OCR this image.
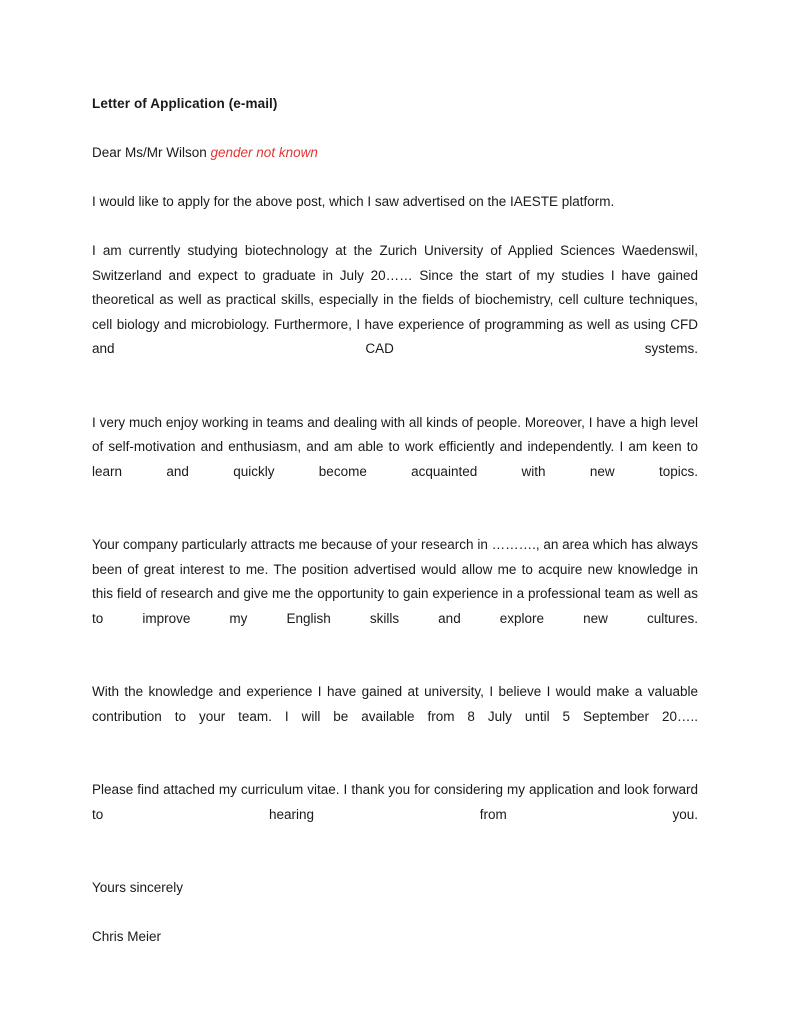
Letter of Application (e-mail)

Dear Ms/Mr Wilson gender not known

I would like to apply for the above post, which I saw advertised on the IAESTE platform.

I am currently studying biotechnology at the Zurich University of Applied Sciences Waedenswil, Switzerland and expect to graduate in July 20…… Since the start of my studies I have gained theoretical as well as practical skills, especially in the fields of biochemistry, cell culture techniques, cell biology and microbiology. Furthermore, I have experience of programming as well as using CFD and CAD systems.

I very much enjoy working in teams and dealing with all kinds of people. Moreover, I have a high level of self-motivation and enthusiasm, and am able to work efficiently and independently. I am keen to learn and quickly become acquainted with new topics.

Your company particularly attracts me because of your research in ………., an area which has always been of great interest to me. The position advertised would allow me to acquire new knowledge in this field of research and give me the opportunity to gain experience in a professional team as well as to improve my English skills and explore new cultures.

With the knowledge and experience I have gained at university, I believe I would make a valuable contribution to your team. I will be available from 8 July until 5 September 20…..

Please find attached my curriculum vitae. I thank you for considering my application and look forward to hearing from you.

Yours sincerely

Chris Meier
